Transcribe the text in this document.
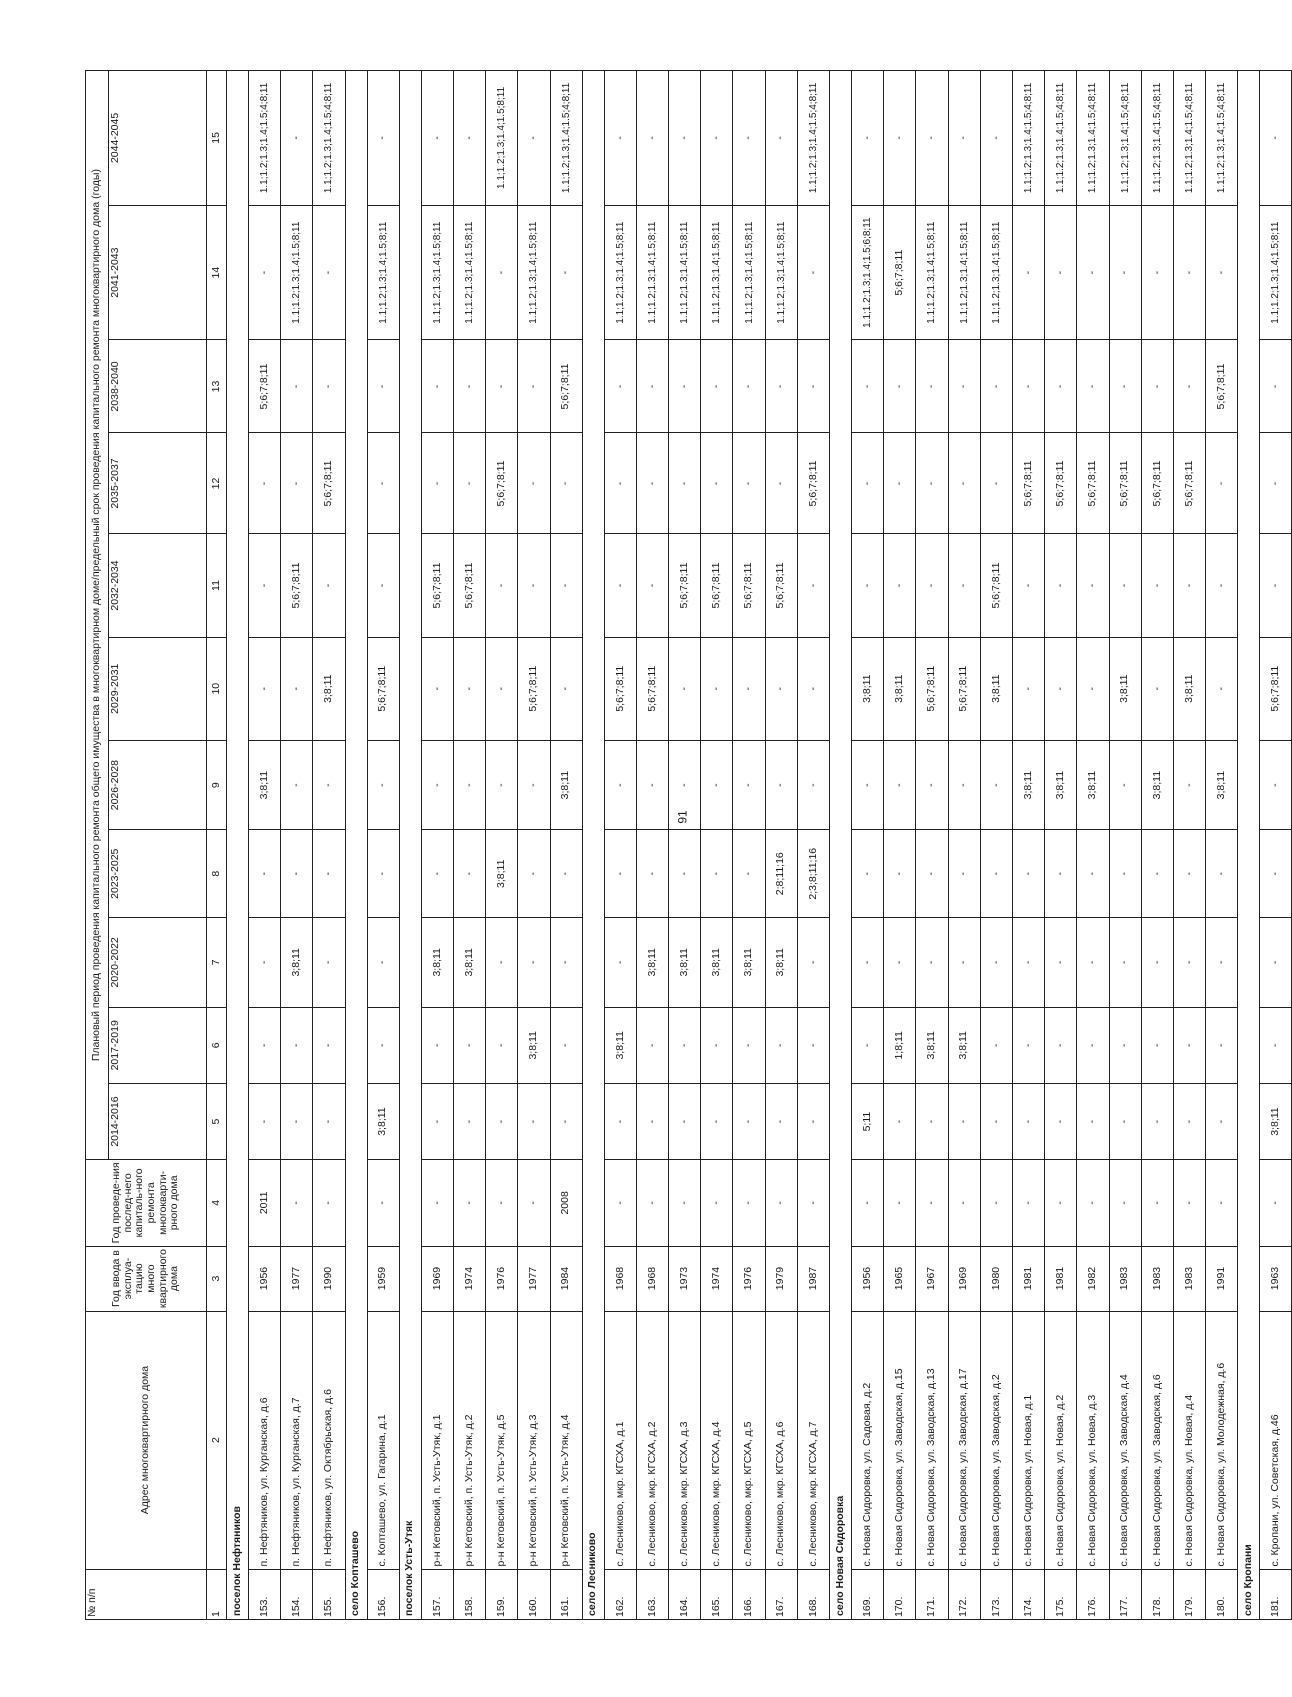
91
№ п/п	Адрес многоквартирного дома	Год ввода в эксплуа-тацию много квартирного дома	Год проведе-ния послед-него капиталь-ного ремонта многокварти-рного дома	Плановый период проведения капитального ремонта общего имущества в многоквартирном доме/предельный срок проведения капитального ремонта многоквартирного дома (годы)										
				2014-2016	2017-2019	2020-2022	2023-2025	2026-2028	2029-2031	2032-2034	2035-2037	2038-2040	2041-2043	2044-2045
1	2	3	4	5	6	7	8	9	10	11	12	13	14	15
поселок Нефтяников														
153.	п. Нефтяников, ул. Курганская, д.6	1956	2011	-	-	-	-	3;8;11	-	-	-	5;6;7;8;11	-	1.1;1.2;1.3;1.4;1.5;4;8;11
154.	п. Нефтяников, ул. Курганская, д.7	1977	-	-	-	3;8;11	-	-	-	5;6;7;8;11	-	-	1.1;1.2;1.3;1.4;1.5;8;11	-
155.	п. Нефтяников, ул. Октябрьская, д.6	1990	-	-	-	-	-	-	3;8;11	-	5;6;7;8;11	-	-	1.1;1.2;1.3;1.4;1.5;4;8;11
село Копташево														
156.	с. Копташево, ул. Гагарина, д.1	1959	-	3;8;11	-	-	-	-	5;6;7;8;11	-	-	-	1.1;1.2;1.3;1.4;1.5;8;11	-
поселок Усть-Утяк														
157.	р-н Кетовский, п. Усть-Утяк, д.1	1969	-	-	-	3;8;11	-	-	-	5;6;7;8;11	-	-	1.1;1.2;1.3;1.4;1.5;8;11	-
158.	р-н Кетовский, п. Усть-Утяк, д.2	1974	-	-	-	3;8;11	-	-	-	5;6;7;8;11	-	-	1.1;1.2;1.3;1.4;1.5;8;11	-
159.	р-н Кетовский, п. Усть-Утяк, д.5	1976	-	-	-	-	3;8;11	-	-	-	5;6;7;8;11	-	-	1.1;1.2;1.3;1.4;1.5;8;11
160.	р-н Кетовский, п. Усть-Утяк, д.3	1977	-	-	3;8;11	-	-	-	5;6;7;8;11	-	-	-	1.1;1.2;1.3;1.4;1.5;8;11	-
161.	р-н Кетовский, п. Усть-Утяк, д.4	1984	2008	-	-	-	-	3;8;11	-	-	-	5;6;7;8;11	-	1.1;1.2;1.3;1.4;1.5;4;8;11
село Лесниково														
162.	с. Лесниково, мкр. КГСХА, д.1	1968	-	-	3;8;11	-	-	-	5;6;7;8;11	-	-	-	1.1;1.2;1.3;1.4;1.5;8;11	-
163.	с. Лесниково, мкр. КГСХА, д.2	1968	-	-	-	3;8;11	-	-	5;6;7;8;11	-	-	-	1.1;1.2;1.3;1.4;1.5;8;11	-
164.	с. Лесниково, мкр. КГСХА, д.3	1973	-	-	-	3;8;11	-	-	-	5;6;7;8;11	-	-	1.1;1.2;1.3;1.4;1.5;8;11	-
165.	с. Лесниково, мкр. КГСХА, д.4	1974	-	-	-	3;8;11	-	-	-	5;6;7;8;11	-	-	1.1;1.2;1.3;1.4;1.5;8;11	-
166.	с. Лесниково, мкр. КГСХА, д.5	1976	-	-	-	3;8;11	-	-	-	5;6;7;8;11	-	-	1.1;1.2;1.3;1.4;1.5;8;11	-
167.	с. Лесниково, мкр. КГСХА, д.6	1979	-	-	-	3;8;11	2;8;11;16	-	-	5;6;7;8;11	-	-	1.1;1.2;1.3;1.4;1.5;8;11	-
168.	с. Лесниково, мкр. КГСХА, д.7	1987	-	-	-	-	2;3;8;11;16	-	-	-	5;6;7;8;11	-	-	1.1;1.2;1.3;1.4;1.5;4;8;11
село Новая Сидоровка														
169.	с. Новая Сидоровка, ул. Садовая, д.2	1956	-	5;11	-	-	-	-	3;8;11	-	-	-	1.1;1.2;1.3;1.4;1.5;6;8;11	-
170.	с. Новая Сидоровка, ул. Заводская, д.15	1965	-	-	1;8;11	-	-	-	3;8;11	-	-	-	5;6;7;8;11	-
171.	с. Новая Сидоровка, ул. Заводская, д.13	1967	-	-	3;8;11	-	-	-	5;6;7;8;11	-	-	-	1.1;1.2;1.3;1.4;1.5;8;11	-
172.	с. Новая Сидоровка, ул. Заводская, д.17	1969	-	-	3;8;11	-	-	-	5;6;7;8;11	-	-	-	1.1;1.2;1.3;1.4;1.5;8;11	-
173.	с. Новая Сидоровка, ул. Заводская, д.2	1980	-	-	-	-	-	-	3;8;11	5;6;7;8;11	-	-	1.1;1.2;1.3;1.4;1.5;8;11	-
174.	с. Новая Сидоровка, ул. Новая, д.1	1981	-	-	-	-	-	3;8;11	-	-	5;6;7;8;11	-	-	1.1;1.2;1.3;1.4;1.5;4;8;11
175.	с. Новая Сидоровка, ул. Новая, д.2	1981	-	-	-	-	-	3;8;11	-	-	5;6;7;8;11	-	-	1.1;1.2;1.3;1.4;1.5;4;8;11
176.	с. Новая Сидоровка, ул. Новая, д.3	1982	-	-	-	-	-	3;8;11	-	-	5;6;7;8;11	-	-	1.1;1.2;1.3;1.4;1.5;4;8;11
177.	с. Новая Сидоровка, ул. Заводская, д.4	1983	-	-	-	-	-	-	3;8;11	-	5;6;7;8;11	-	-	1.1;1.2;1.3;1.4;1.5;4;8;11
178.	с. Новая Сидоровка, ул. Заводская, д.6	1983	-	-	-	-	-	3;8;11	-	-	5;6;7;8;11	-	-	1.1;1.2;1.3;1.4;1.5;4;8;11
179.	с. Новая Сидоровка, ул. Новая, д.4	1983	-	-	-	-	-	-	3;8;11	-	5;6;7;8;11	-	-	1.1;1.2;1.3;1.4;1.5;4;8;11
180.	с. Новая Сидоровка, ул. Молодежная, д.6	1991	-	-	-	-	-	3;8;11	-	-	-	5;6;7;8;11	-	1.1;1.2;1.3;1.4;1.5;4;8;11
село Кропани														
181.	с. Кропани, ул. Советская, д.46	1963	-	3;8;11	-	-	-	-	5;6;7;8;11	-	-	-	1.1;1.2;1.3;1.4;1.5;8;11	-
